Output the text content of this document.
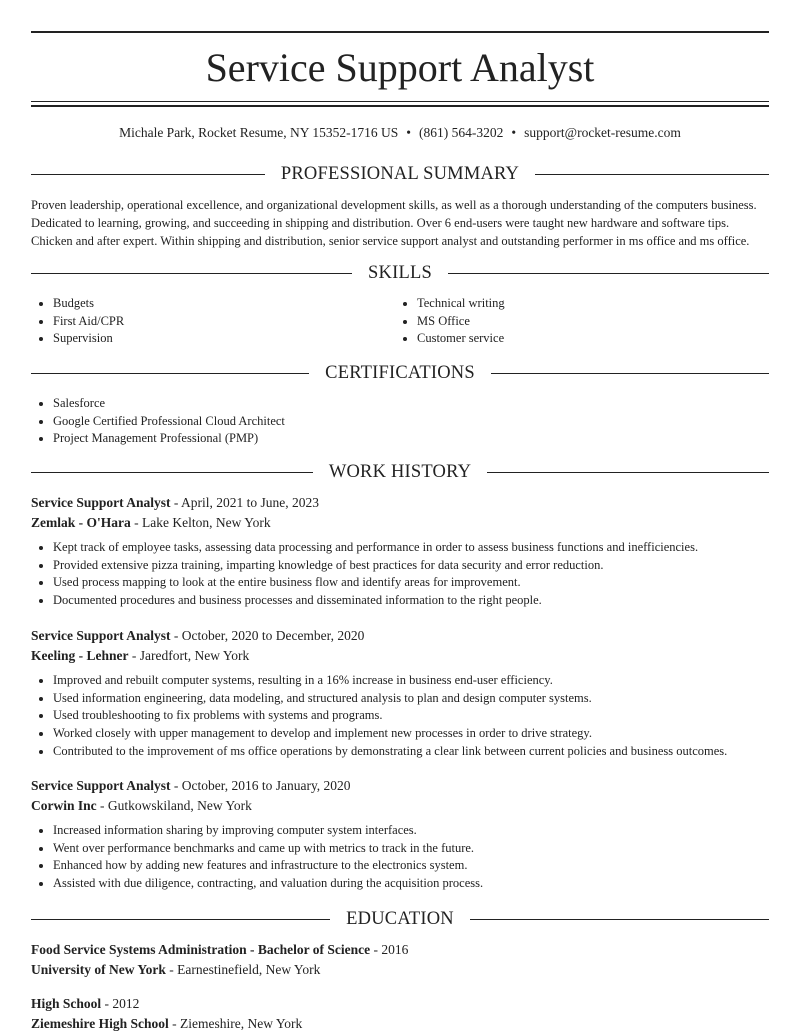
Service Support Analyst
Michale Park, Rocket Resume, NY 15352-1716 US • (861) 564-3202 • support@rocket-resume.com
PROFESSIONAL SUMMARY

Proven leadership, operational excellence, and organizational development skills, as well as a thorough understanding of the computers business. Dedicated to learning, growing, and succeeding in shipping and distribution. Over 6 end-users were taught new hardware and software tips. Chicken and after expert. Within shipping and distribution, senior service support analyst and outstanding performer in ms office and ms office.

SKILLS
• Budgets
• First Aid/CPR
• Supervision
• Technical writing
• MS Office
• Customer service
CERTIFICATIONS
• Salesforce
• Google Certified Professional Cloud Architect
• Project Management Professional (PMP)
WORK HISTORY
Service Support Analyst - April, 2021 to June, 2023
Zemlak - O'Hara - Lake Kelton, New York
• Kept track of employee tasks, assessing data processing and performance in order to assess business functions and inefficiencies.
• Provided extensive pizza training, imparting knowledge of best practices for data security and error reduction.
• Used process mapping to look at the entire business flow and identify areas for improvement.
• Documented procedures and business processes and disseminated information to the right people.
Service Support Analyst - October, 2020 to December, 2020
Keeling - Lehner - Jaredfort, New York
• Improved and rebuilt computer systems, resulting in a 16% increase in business end-user efficiency.
• Used information engineering, data modeling, and structured analysis to plan and design computer systems.
• Used troubleshooting to fix problems with systems and programs.
• Worked closely with upper management to develop and implement new processes in order to drive strategy.
• Contributed to the improvement of ms office operations by demonstrating a clear link between current policies and business outcomes.
Service Support Analyst - October, 2016 to January, 2020
Corwin Inc - Gutkowskiland, New York
• Increased information sharing by improving computer system interfaces.
• Went over performance benchmarks and came up with metrics to track in the future.
• Enhanced how by adding new features and infrastructure to the electronics system.
• Assisted with due diligence, contracting, and valuation during the acquisition process.
EDUCATION
Food Service Systems Administration - Bachelor of Science - 2016
University of New York - Earnestinefield, New York
High School - 2012
Ziemeshire High School - Ziemeshire, New York
